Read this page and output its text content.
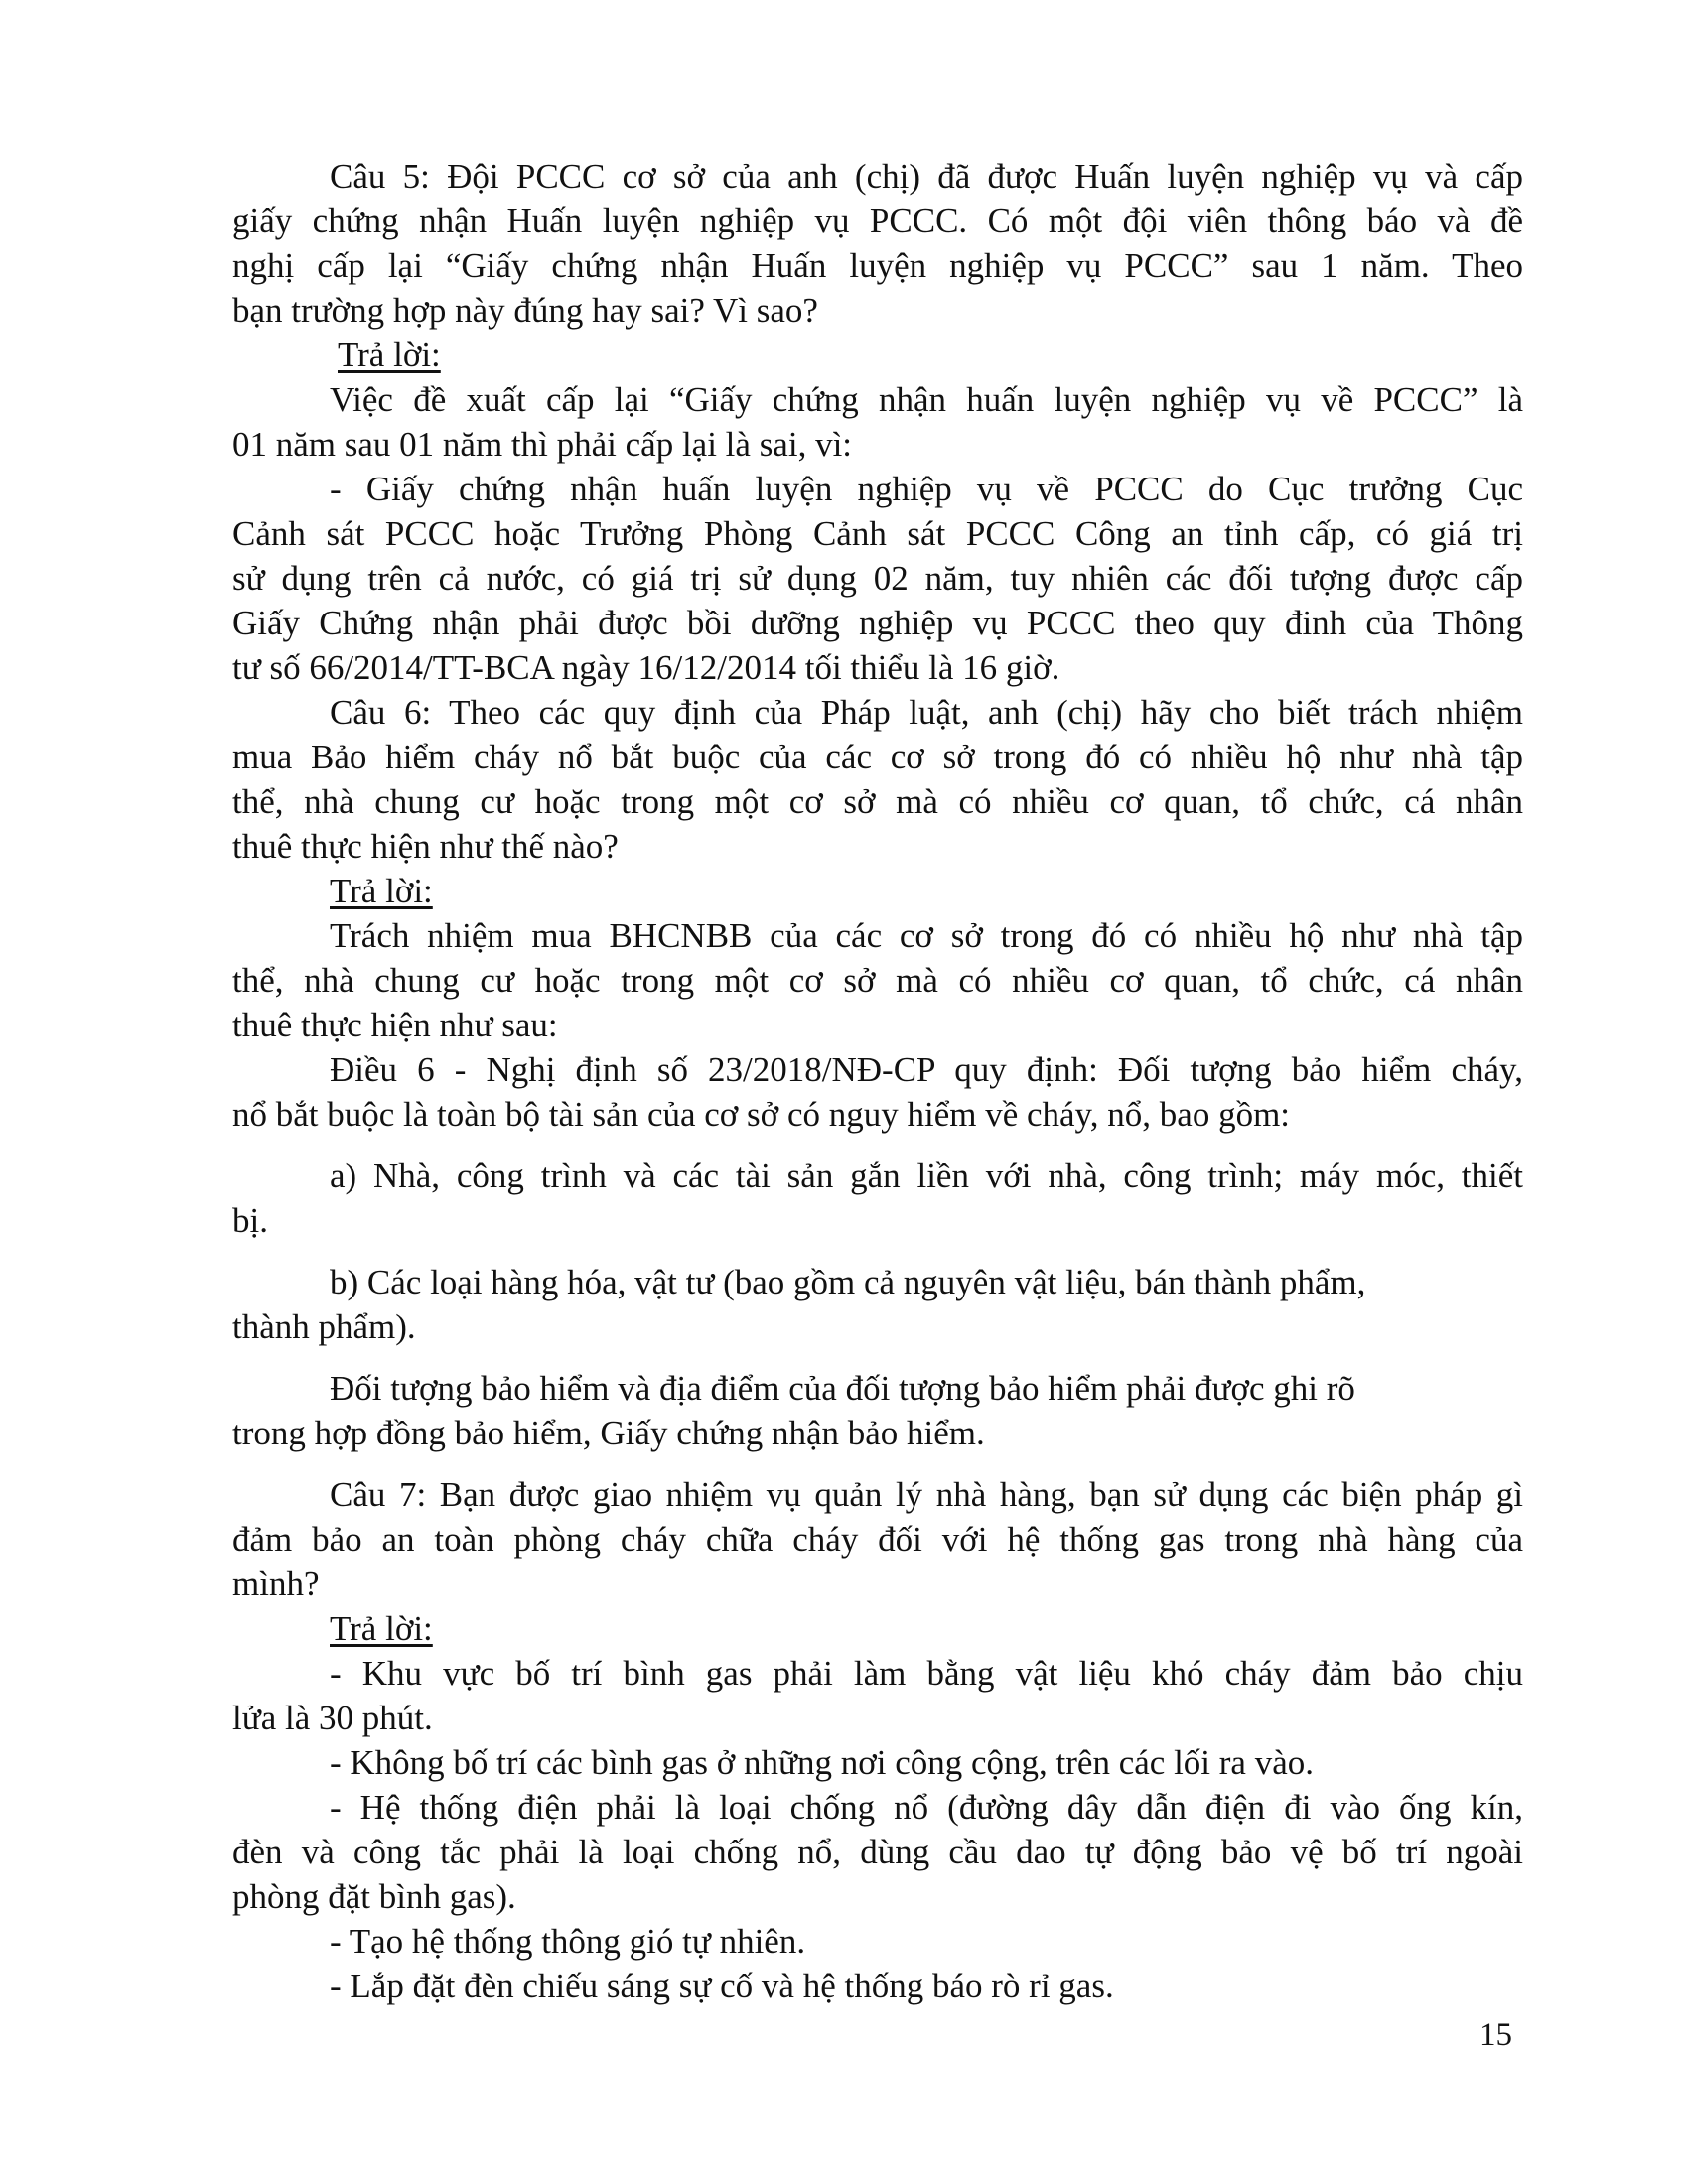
Câu 5: Đội PCCC cơ sở của anh (chị) đã được Huấn luyện nghiệp vụ và cấp
giấy chứng nhận Huấn luyện nghiệp vụ PCCC. Có một đội viên thông báo và đề
nghị cấp lại “Giấy chứng nhận Huấn luyện nghiệp vụ PCCC” sau 1 năm. Theo
bạn trường hợp này đúng hay sai? Vì sao?
Trả lời:
Việc đề xuất cấp lại “Giấy chứng nhận huấn luyện nghiệp vụ về PCCC” là
01 năm sau 01 năm thì phải cấp lại là sai, vì:
- Giấy chứng nhận huấn luyện nghiệp vụ về PCCC do Cục trưởng Cục
Cảnh sát PCCC hoặc Trưởng Phòng Cảnh sát PCCC Công an tỉnh cấp, có giá trị
sử dụng trên cả nước, có giá trị sử dụng 02 năm, tuy nhiên các đối tượng được cấp
Giấy Chứng nhận phải được bồi dưỡng nghiệp vụ PCCC theo quy đinh của Thông
tư số 66/2014/TT-BCA ngày 16/12/2014 tối thiểu là 16 giờ.
Câu 6: Theo các quy định của Pháp luật, anh (chị) hãy cho biết trách nhiệm
mua Bảo hiểm cháy nổ bắt buộc của các cơ sở trong đó có nhiều hộ như nhà tập
thể, nhà chung cư hoặc trong một cơ sở mà có nhiều cơ quan, tổ chức, cá nhân
thuê thực hiện như thế nào?
Trả lời:
Trách nhiệm mua BHCNBB của các cơ sở trong đó có nhiều hộ như nhà tập
thể, nhà chung cư hoặc trong một cơ sở mà có nhiều cơ quan, tổ chức, cá nhân
thuê thực hiện như sau:
Điều 6 - Nghị định số 23/2018/NĐ-CP quy định: Đối tượng bảo hiểm cháy,
nổ bắt buộc là toàn bộ tài sản của cơ sở có nguy hiểm về cháy, nổ, bao gồm:
a) Nhà, công trình và các tài sản gắn liền với nhà, công trình; máy móc, thiết
bị.
b) Các loại hàng hóa, vật tư (bao gồm cả nguyên vật liệu, bán thành phẩm,
thành phẩm).
Đối tượng bảo hiểm và địa điểm của đối tượng bảo hiểm phải được ghi rõ
trong hợp đồng bảo hiểm, Giấy chứng nhận bảo hiểm.
Câu 7: Bạn được giao nhiệm vụ quản lý nhà hàng, bạn sử dụng các biện pháp gì
đảm bảo an toàn phòng cháy chữa cháy đối với hệ thống gas trong nhà hàng của
mình?
Trả lời:
- Khu vực bố trí bình gas phải làm bằng vật liệu khó cháy đảm bảo chịu
lửa là 30 phút.
- Không bố trí các bình gas ở những nơi công cộng, trên các lối ra vào.
- Hệ thống điện phải là loại chống nổ (đường dây dẫn điện đi vào ống kín,
đèn và công tắc phải là loại chống nổ, dùng cầu dao tự động bảo vệ bố trí ngoài
phòng đặt bình gas).
- Tạo hệ thống thông gió tự nhiên.
- Lắp đặt đèn chiếu sáng sự cố và hệ thống báo rò rỉ gas.
15
